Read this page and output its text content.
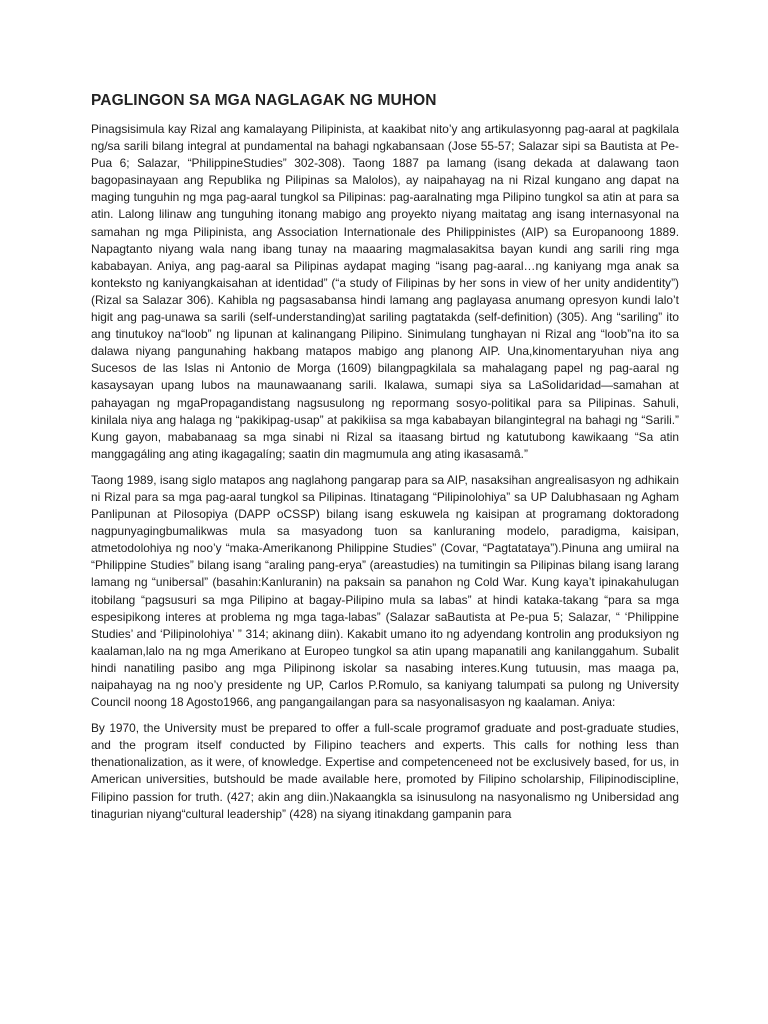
PAGLINGON SA MGA NAGLAGAK NG MUHON

Pinagsisimula kay Rizal ang kamalayang Pilipinista, at kaakibat nito’y ang artikulasyonng pag-aaral at pagkilala ng/sa sarili bilang integral at pundamental na bahagi ngkabansaan (Jose 55-57; Salazar sipi sa Bautista at Pe-Pua 6; Salazar, “PhilippineStudies” 302-308). Taong 1887 pa lamang (isang dekada at dalawang taon bagopasinayaan ang Republika ng Pilipinas sa Malolos), ay naipahayag na ni Rizal kungano ang dapat na maging tunguhin ng mga pag-aaral tungkol sa Pilipinas: pag-aaralnating mga Pilipino tungkol sa atin at para sa atin. Lalong lilinaw ang tunguhing itonang mabigo ang proyekto niyang maitatag ang isang internasyonal na samahan ng mga Pilipinista, ang Association Internationale des Philippinistes (AIP) sa Europanoong 1889. Napagtanto niyang wala nang ibang tunay na maaaring magmalasakitsa bayan kundi ang sarili ring mga kababayan. Aniya, ang pag-aaral sa Pilipinas aydapat maging “isang pag-aaral…ng kaniyang mga anak sa konteksto ng kaniyangkaisahan at identidad” (“a study of Filipinas by her sons in view of her unity andidentity”) (Rizal sa Salazar 306). Kahibla ng pagsasabansa hindi lamang ang paglayasa anumang opresyon kundi lalo’t higit ang pag-unawa sa sarili (self-understanding)at sariling pagtatakda (self-definition) (305). Ang “sariling” ito ang tinutukoy na“loob” ng lipunan at kalinangang Pilipino. Sinimulang tunghayan ni Rizal ang “loob”na ito sa dalawa niyang pangunahing hakbang matapos mabigo ang planong AIP. Una,kinomentaryuhan niya ang Sucesos de las Islas ni Antonio de Morga (1609) bilangpagkilala sa mahalagang papel ng pag-aaral ng kasaysayan upang lubos na maunawaanang sarili. Ikalawa, sumapi siya sa LaSolidaridad—samahan at pahayagan ng mgaPropagandistang nagsusulong ng repormang sosyo-politikal para sa Pilipinas. Sahuli, kinilala niya ang halaga ng “pakikipag-usap” at pakikiisa sa mga kababayan bilangintegral na bahagi ng “Sarili.” Kung gayon, mababanaag sa mga sinabi ni Rizal sa itaasang birtud ng katutubong kawikaang “Sa atin manggagáling ang ating ikagagalíng; saatin din magmumula ang ating ikasasamâ.”

Taong 1989, isang siglo matapos ang naglahong pangarap para sa AIP, nasaksihan angrealisasyon ng adhikain ni Rizal para sa mga pag-aaral tungkol sa Pilipinas. Itinatagang “Pilipinolohiya” sa UP Dalubhasaan ng Agham Panlipunan at Pilosopiya (DAPP oCSSP) bilang isang eskuwela ng kaisipan at programang doktoradong nagpunyagingbumalikwas mula sa masyadong tuon sa kanluraning modelo, paradigma, kaisipan, atmetodolohiya ng noo’y “maka-Amerikanong Philippine Studies” (Covar, “Pagtatataya”).Pinuna ang umiiral na “Philippine Studies” bilang isang “araling pang-erya” (areastudies) na tumitingin sa Pilipinas bilang isang larang lamang ng “unibersal” (basahin:Kanluranin) na paksain sa panahon ng Cold War. Kung kaya’t ipinakahulugan itobilang “pagsusuri sa mga Pilipino at bagay-Pilipino mula sa labas” at hindi kataka-takang “para sa mga espesipikong interes at problema ng mga taga-labas” (Salazar saBautista at Pe-pua 5; Salazar, “ ‘Philippine Studies’ and ‘Pilipinolohiya’ ” 314; akinang diin). Kakabit umano ito ng adyendang kontrolin ang produksiyon ng kaalaman,lalo na ng mga Amerikano at Europeo tungkol sa atin upang mapanatili ang kanilanggahum. Subalit hindi nanatiling pasibo ang mga Pilipinong iskolar sa nasabing interes.Kung tutuusin, mas maaga pa, naipahayag na ng noo’y presidente ng UP, Carlos P.Romulo, sa kaniyang talumpati sa pulong ng University Council noong 18 Agosto1966, ang pangangailangan para sa nasyonalisasyon ng kaalaman. Aniya:

By 1970, the University must be prepared to offer a full-scale programof graduate and post-graduate studies, and the program itself conducted by Filipino teachers and experts. This calls for nothing less than thenationalization, as it were, of knowledge. Expertise and competenceneed not be exclusively based, for us, in American universities, butshould be made available here, promoted by Filipino scholarship, Filipinodiscipline, Filipino passion for truth. (427; akin ang diin.)Nakaangkla sa isinusulong na nasyonalismo ng Unibersidad ang tinagurian niyang“cultural leadership” (428) na siyang itinakdang gampanin para
